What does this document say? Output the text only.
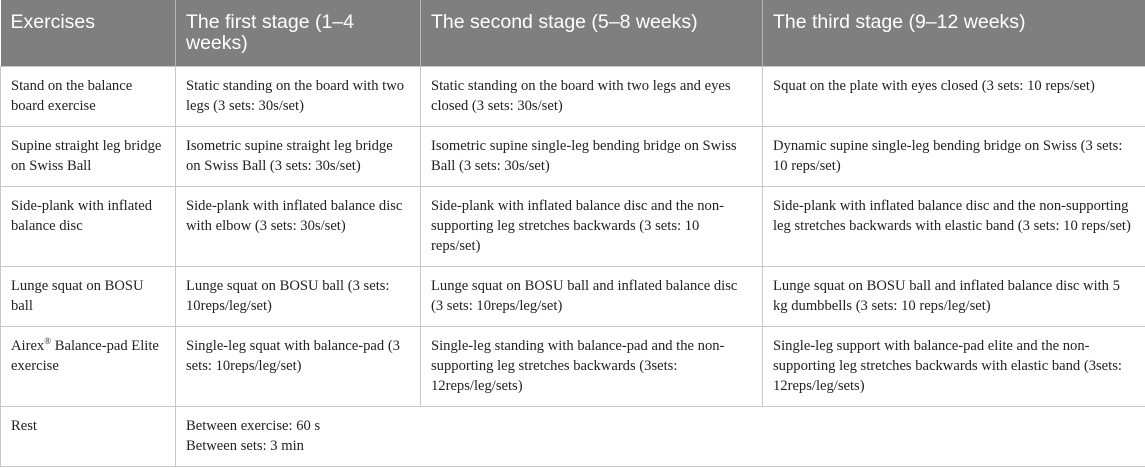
Exercises	The first stage (1–4 weeks)	The second stage (5–8 weeks)	The third stage (9–12 weeks)
Stand on the balance board exercise	Static standing on the board with two legs (3 sets: 30s/set)	Static standing on the board with two legs and eyes closed (3 sets: 30s/set)	Squat on the plate with eyes closed (3 sets: 10 reps/set)
Supine straight leg bridge on Swiss Ball	Isometric supine straight leg bridge on Swiss Ball (3 sets: 30s/set)	Isometric supine single-leg bending bridge on Swiss Ball (3 sets: 30s/set)	Dynamic supine single-leg bending bridge on Swiss (3 sets: 10 reps/set)
Side-plank with inflated balance disc	Side-plank with inflated balance disc with elbow (3 sets: 30s/set)	Side-plank with inflated balance disc and the non-supporting leg stretches backwards (3 sets: 10 reps/set)	Side-plank with inflated balance disc and the non-supporting leg stretches backwards with elastic band (3 sets: 10 reps/set)
Lunge squat on BOSU ball	Lunge squat on BOSU ball (3 sets: 10reps/leg/set)	Lunge squat on BOSU ball and inflated balance disc (3 sets: 10reps/leg/set)	Lunge squat on BOSU ball and inflated balance disc with 5 kg dumbbells (3 sets: 10 reps/leg/set)
Airex® Balance-pad Elite exercise	Single-leg squat with balance-pad (3 sets: 10reps/leg/set)	Single-leg standing with balance-pad and the non-supporting leg stretches backwards (3sets: 12reps/leg/sets)	Single-leg support with balance-pad elite and the non-supporting leg stretches backwards with elastic band (3sets: 12reps/leg/sets)
Rest	Between exercise: 60 s
Between sets: 3 min		
